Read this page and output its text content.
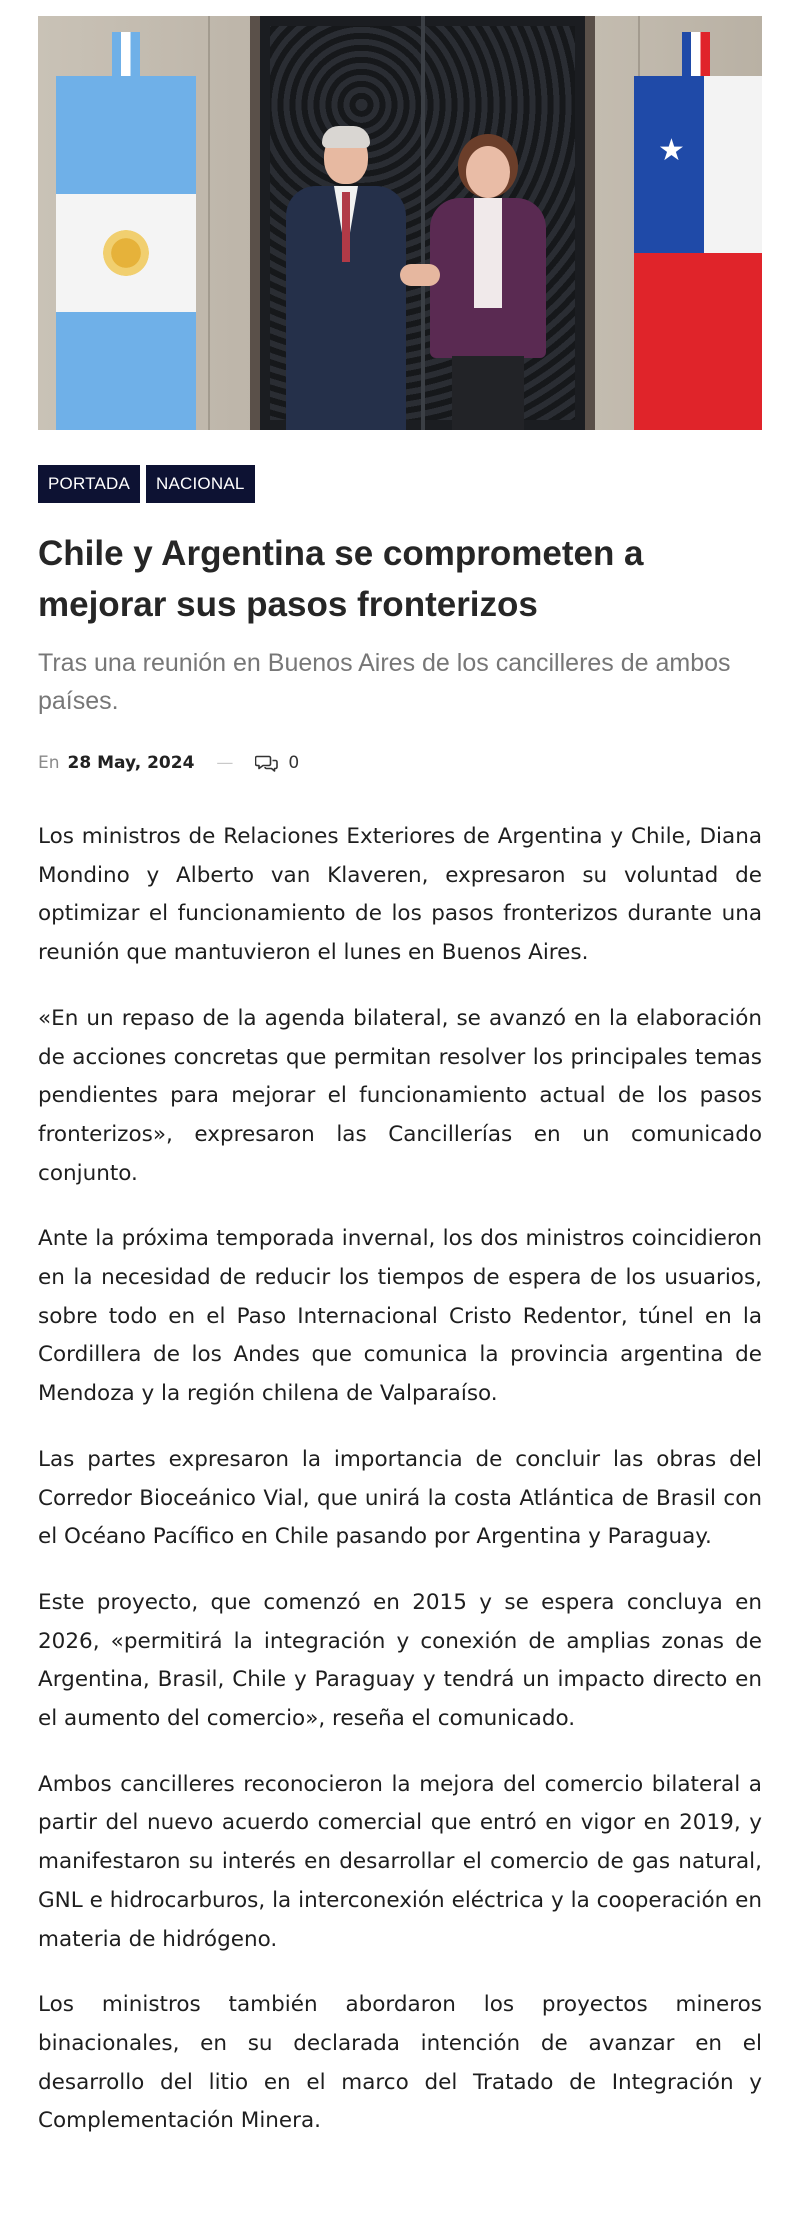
★
PORTADA	NACIONAL
Chile y Argentina se comprometen a mejorar sus pasos fronterizos

Tras una reunión en Buenos Aires de los cancilleres de ambos países.

En 28 May, 2024 —	0

Los ministros de Relaciones Exteriores de Argentina y Chile, Diana Mondino y Alberto van Klaveren, expresaron su voluntad de optimizar el funcionamiento de los pasos fronterizos durante una reunión que mantuvieron el lunes en Buenos Aires.

«En un repaso de la agenda bilateral, se avanzó en la elaboración de acciones concretas que permitan resolver los principales temas pendientes para mejorar el funcionamiento actual de los pasos fronterizos», expresaron las Cancillerías en un comunicado conjunto.

Ante la próxima temporada invernal, los dos ministros coincidieron en la necesidad de reducir los tiempos de espera de los usuarios, sobre todo en el Paso Internacional Cristo Redentor, túnel en la Cordillera de los Andes que comunica la provincia argentina de Mendoza y la región chilena de Valparaíso.

Las partes expresaron la importancia de concluir las obras del Corredor Bioceánico Vial, que unirá la costa Atlántica de Brasil con el Océano Pacífico en Chile pasando por Argentina y Paraguay.

Este proyecto, que comenzó en 2015 y se espera concluya en 2026, «permitirá la integración y conexión de amplias zonas de Argentina, Brasil, Chile y Paraguay y tendrá un impacto directo en el aumento del comercio», reseña el comunicado.

Ambos cancilleres reconocieron la mejora del comercio bilateral a partir del nuevo acuerdo comercial que entró en vigor en 2019, y manifestaron su interés en desarrollar el comercio de gas natural, GNL e hidrocarburos, la interconexión eléctrica y la cooperación en materia de hidrógeno.

Los ministros también abordaron los proyectos mineros binacionales, en su declarada intención de avanzar en el desarrollo del litio en el marco del Tratado de Integración y Complementación Minera.
